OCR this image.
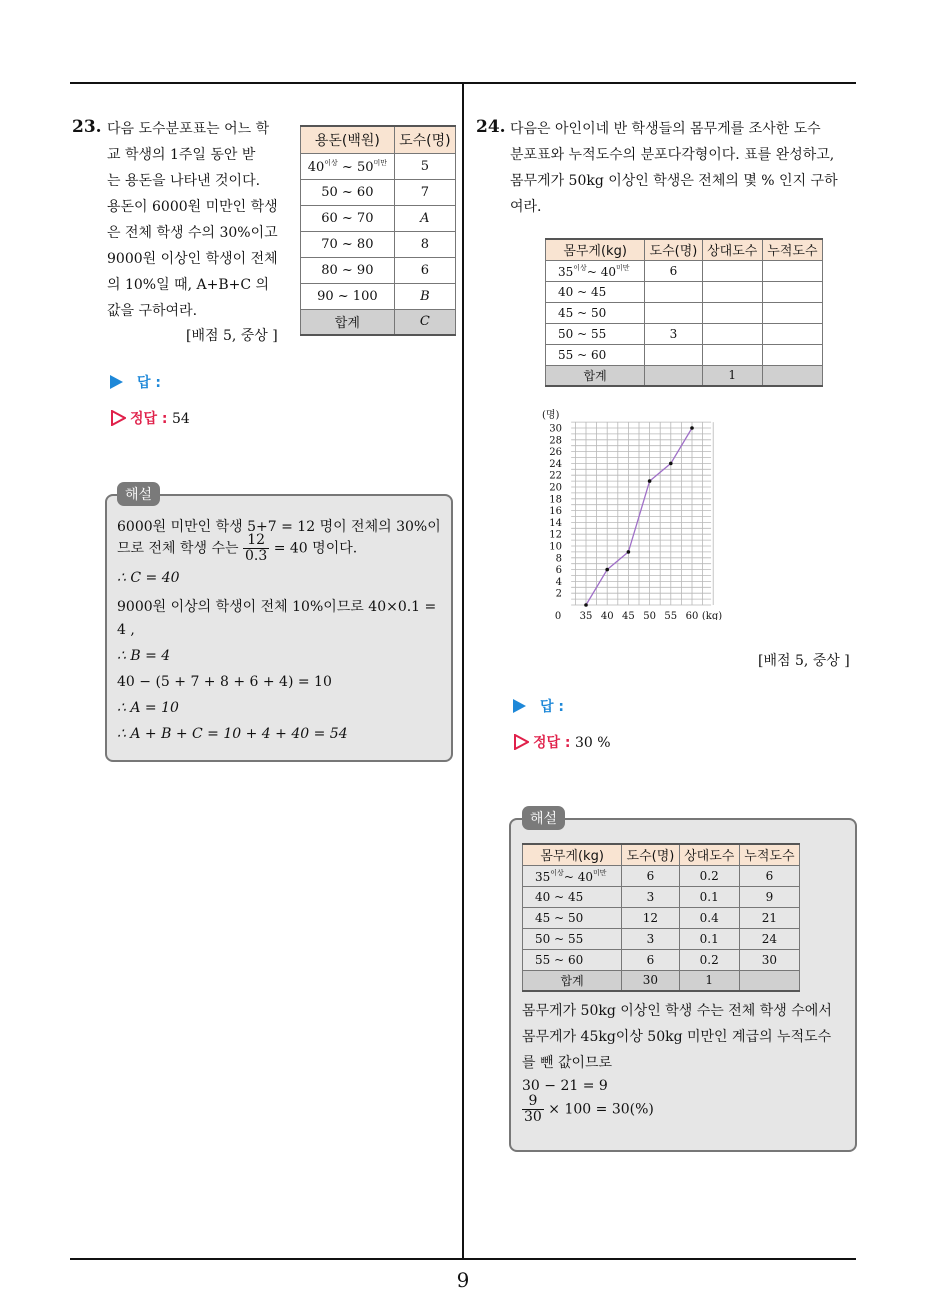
9
23. 다음 도수분포표는 어느 학
교 학생의 1주일 동안 받
는 용돈을 나타낸 것이다.
용돈이 6000원 미만인 학생
은 전체 학생 수의 30%이고
9000원 이상인 학생이 전체
의 10%일 때, A+B+C 의
값을 구하여라.
[배점 5, 중상 ]
용돈(백원)	도수(명)
$40^{이상}$ ~ $50^{미만}$	5
50 ~ 60	7
60 ~ 70	A
70 ~ 80	8
80 ~ 90	6
90 ~ 100	B
합계	C
답 :
정답 : 54
해설
6000원 미만인 학생 5+7 = 12 명이 전체의 30%이
므로 전체 학생 수는 $\frac{12}{0.3} = 40$ 명이다.
∴ C = 40
9000원 이상의 학생이 전체 10%이므로 40×0.1 =
4 ,
∴ B = 4
40 − (5 + 7 + 8 + 6 + 4) = 10
∴ A = 10
∴ A + B + C = 10 + 4 + 40 = 54
24. 다음은 아인이네 반 학생들의 몸무게를 조사한 도수
분포표와 누적도수의 분포다각형이다. 표를 완성하고,
몸무게가 50kg 이상인 학생은 전체의 몇 % 인지 구하
여라.
몸무게(kg)	도수(명)	상대도수	누적도수
$35^{이상}\sim$ $40^{미만}$	6		
40 ~ 45			
45 ~ 50			
50 ~ 55	3		
55 ~ 60			
합계		1	
2
4
6
8
10
12
14
16
18
20
22
24
26
28
30
(명)
0 35 40 45 50 55 60 (kg)
[배점 5, 중상 ]
답 :
정답 : 30 %
해설
몸무게(kg)	도수(명)	상대도수	누적도수
$35^{이상}\sim$ $40^{미만}$	6	0.2	6
40 ~ 45	3	0.1	9
45 ~ 50	12	0.4	21
50 ~ 55	3	0.1	24
55 ~ 60	6	0.2	30
합계	30	1	
몸무게가 50kg 이상인 학생 수는 전체 학생 수에서
몸무게가 45kg이상 50kg 미만인 계급의 누적도수
를 뺀 값이므로
30 − 21 = 9
$\frac{9}{30} \times 100 = 30(\%)$
